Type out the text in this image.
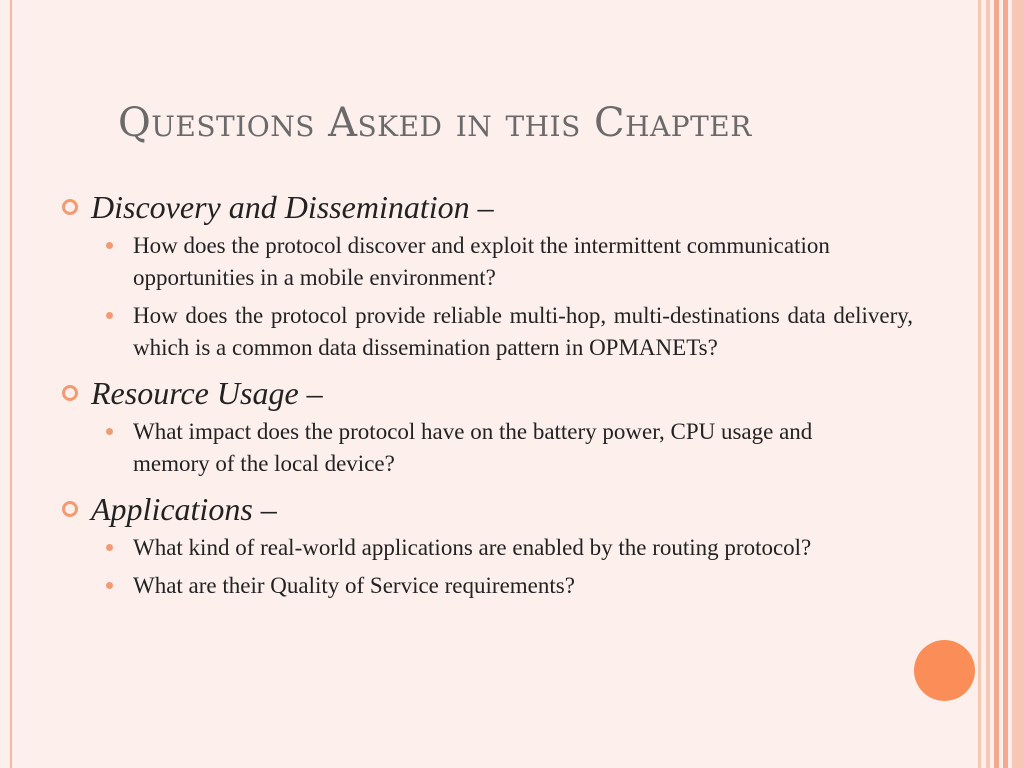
Questions Asked in this Chapter
Discovery and Dissemination –
How does the protocol discover and exploit the intermittent communication opportunities in a mobile environment?
How does the protocol provide reliable multi-hop, multi-destinations data delivery, which is a common data dissemination pattern in OPMANETs?
Resource Usage –
What impact does the protocol have on the battery power, CPU usage and memory of the local device?
Applications –
What kind of real-world applications are enabled by the routing protocol?
What are their Quality of Service requirements?
